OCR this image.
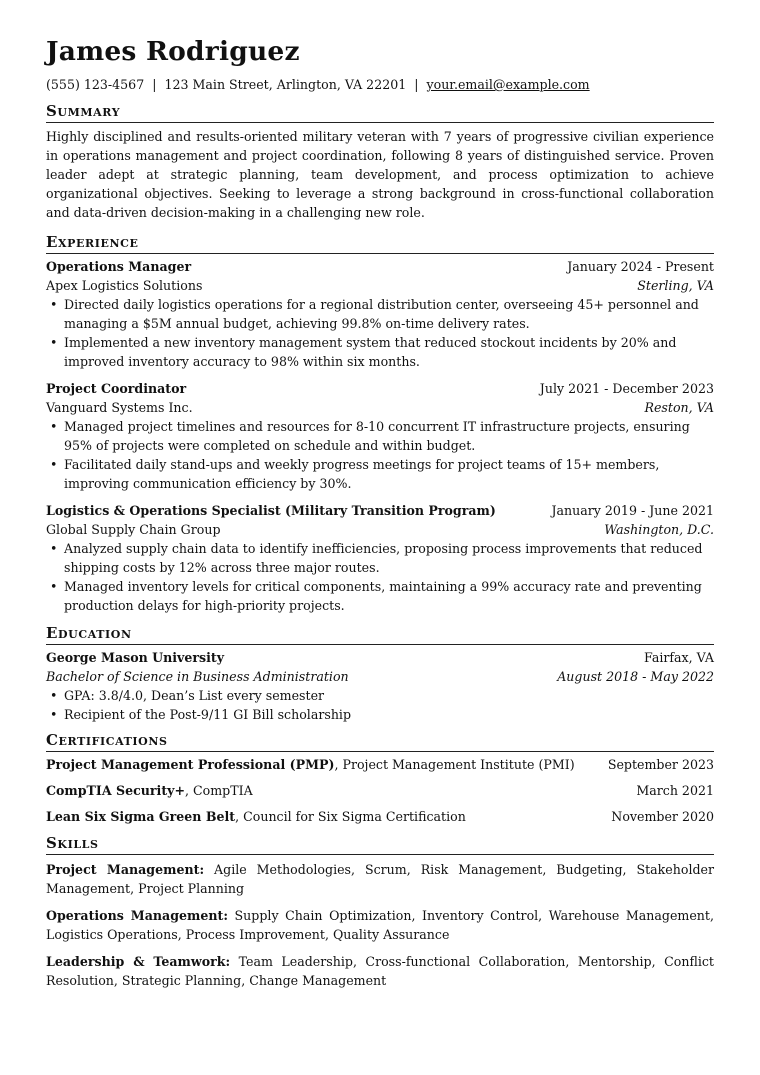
James Rodriguez
(555) 123-4567 | 123 Main Street, Arlington, VA 22201 | your.email@example.com
Summary
Highly disciplined and results-oriented military veteran with 7 years of progressive civilian experience in operations management and project coordination, following 8 years of distinguished service. Proven leader adept at strategic planning, team development, and process optimization to achieve organizational objectives. Seeking to leverage a strong background in cross-functional collaboration and data-driven decision-making in a challenging new role.
Experience
Operations Manager	January 2024 - Present
Apex Logistics Solutions	Sterling, VA
• Directed daily logistics operations for a regional distribution center, overseeing 45+ personnel and managing a $5M annual budget, achieving 99.8% on-time delivery rates.
• Implemented a new inventory management system that reduced stockout incidents by 20% and improved inventory accuracy to 98% within six months.
Project Coordinator	July 2021 - December 2023
Vanguard Systems Inc.	Reston, VA
• Managed project timelines and resources for 8-10 concurrent IT infrastructure projects, ensuring 95% of projects were completed on schedule and within budget.
• Facilitated daily stand-ups and weekly progress meetings for project teams of 15+ members, improving communication efficiency by 30%.
Logistics & Operations Specialist (Military Transition Program)	January 2019 - June 2021
Global Supply Chain Group	Washington, D.C.
• Analyzed supply chain data to identify inefficiencies, proposing process improvements that reduced shipping costs by 12% across three major routes.
• Managed inventory levels for critical components, maintaining a 99% accuracy rate and preventing production delays for high-priority projects.
Education
George Mason University	Fairfax, VA
Bachelor of Science in Business Administration	August 2018 - May 2022
• GPA: 3.8/4.0, Dean’s List every semester
• Recipient of the Post-9/11 GI Bill scholarship
Certifications
Project Management Professional (PMP), Project Management Institute (PMI)	September 2023
CompTIA Security+, CompTIA	March 2021
Lean Six Sigma Green Belt, Council for Six Sigma Certification	November 2020
Skills
Project Management: Agile Methodologies, Scrum, Risk Management, Budgeting, Stakeholder Management, Project Planning
Operations Management: Supply Chain Optimization, Inventory Control, Warehouse Management, Logistics Operations, Process Improvement, Quality Assurance
Leadership & Teamwork: Team Leadership, Cross-functional Collaboration, Mentorship, Conflict Resolution, Strategic Planning, Change Management
